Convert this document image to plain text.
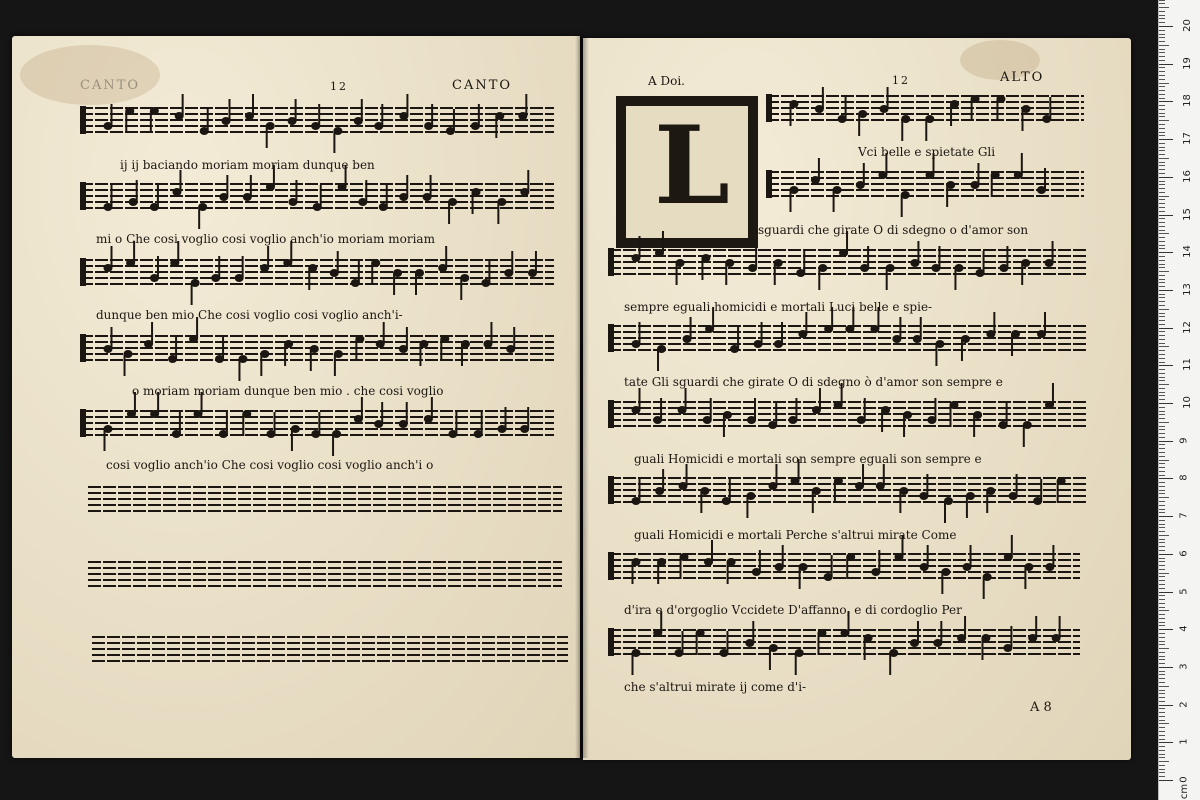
CANTO	12	CANTO	A Doi.	12	ALTO
L
ij ij baciando moriam moriam dunque ben
mi o Che cosi voglio cosi voglio anch'io moriam moriam
dunque ben mio Che cosi voglio cosi voglio anch'i-
o moriam moriam dunque ben mio . che cosi voglio
cosi voglio anch'io Che cosi voglio cosi voglio anch'i o
Vci belle e spietate Gli
sguardi che girate O di sdegno o d'amor son
sempre eguali homicidi e mortali Luci belle e spie-
tate Gli sguardi che girate O di sdegno ò d'amor son sempre e
guali Homicidi e mortali son sempre eguali son sempre e
guali Homicidi e mortali Perche s'altrui mirate Come
d'ira e d'orgoglio Vccidete D'affanno, e di cordoglio Per
che s'altrui mirate ij come d'i-
A 8
0
1
2
3
4
5
6
7
8
9
10
11
12
13
14
15
16
17
18
19
20
cm
